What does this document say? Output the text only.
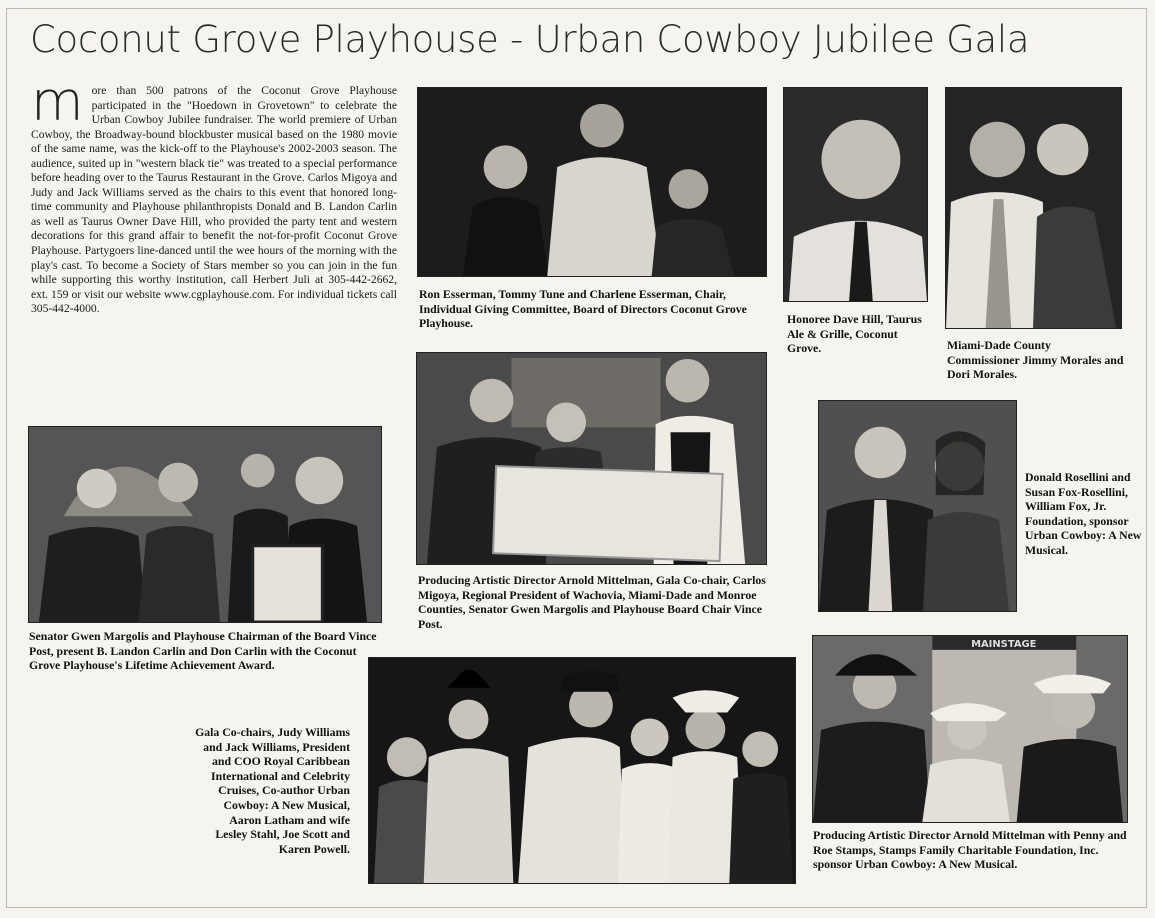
Coconut Grove Playhouse - Urban Cowboy Jubilee Gala
more than 500 patrons of the Coconut Grove Playhouse participated in the "Hoedown in Grovetown" to celebrate the Urban Cowboy Jubilee fundraiser. The world premiere of Urban Cowboy, the Broadway-bound blockbuster musical based on the 1980 movie of the same name, was the kick-off to the Playhouse's 2002-2003 season. The audience, suited up in "western black tie" was treated to a special performance before heading over to the Taurus Restaurant in the Grove. Carlos Migoya and Judy and Jack Williams served as the chairs to this event that honored long-time community and Playhouse philanthropists Donald and B. Landon Carlin as well as Taurus Owner Dave Hill, who provided the party tent and western decorations for this grand affair to benefit the not-for-profit Coconut Grove Playhouse. Partygoers line-danced until the wee hours of the morning with the play's cast. To become a Society of Stars member so you can join in the fun while supporting this worthy institution, call Herbert Juli at 305-442-2662, ext. 159 or visit our website www.cgplayhouse.com. For individual tickets call 305-442-4000.
Ron Esserman, Tommy Tune and Charlene Esserman, Chair, Individual Giving Committee, Board of Directors Coconut Grove Playhouse.	Honoree Dave Hill, Taurus Ale & Grille, Coconut Grove.	Miami-Dade County Commissioner Jimmy Morales and Dori Morales.
Senator Gwen Margolis and Playhouse Chairman of the Board Vince Post, present B. Landon Carlin and Don Carlin with the Coconut Grove Playhouse's Lifetime Achievement Award.
Producing Artistic Director Arnold Mittelman, Gala Co-chair, Carlos Migoya, Regional President of Wachovia, Miami-Dade and Monroe Counties, Senator Gwen Margolis and Playhouse Board Chair Vince Post.
Donald Rosellini and Susan Fox-Rosellini, William Fox, Jr. Foundation, sponsor Urban Cowboy: A New Musical.
Gala Co-chairs, Judy Williams and Jack Williams, President and COO Royal Caribbean International and Celebrity Cruises, Co-author Urban Cowboy: A New Musical, Aaron Latham and wife Lesley Stahl, Joe Scott and Karen Powell.
MAINSTAGE
Producing Artistic Director Arnold Mittelman with Penny and Roe Stamps, Stamps Family Charitable Foundation, Inc. sponsor Urban Cowboy: A New Musical.
